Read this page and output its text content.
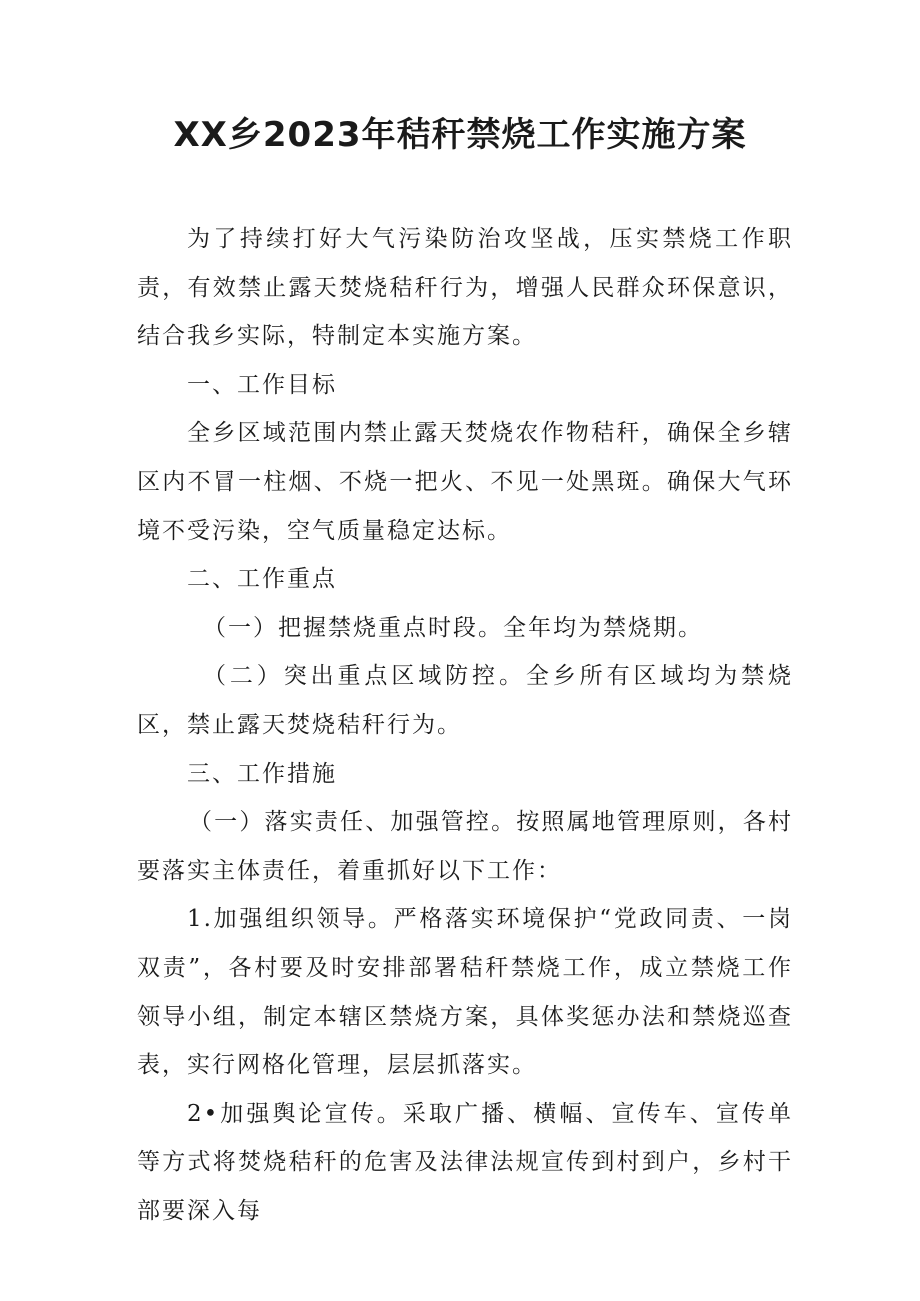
XX乡2023年秸秆禁烧工作实施方案

为了持续打好大气污染防治攻坚战，压实禁烧工作职责，有效禁止露天焚烧秸秆行为，增强人民群众环保意识，结合我乡实际，特制定本实施方案。

一、工作目标

全乡区域范围内禁止露天焚烧农作物秸秆，确保全乡辖区内不冒一柱烟、不烧一把火、不见一处黑斑。确保大气环境不受污染，空气质量稳定达标。

二、工作重点

（一）把握禁烧重点时段。全年均为禁烧期。

（二）突出重点区域防控。全乡所有区域均为禁烧区，禁止露天焚烧秸秆行为。

三、工作措施

（一）落实责任、加强管控。按照属地管理原则，各村要落实主体责任，着重抓好以下工作：

1.加强组织领导。严格落实环境保护“党政同责、一岗双责”，各村要及时安排部署秸秆禁烧工作，成立禁烧工作领导小组，制定本辖区禁烧方案，具体奖惩办法和禁烧巡查表，实行网格化管理，层层抓落实。

2•加强舆论宣传。采取广播、横幅、宣传车、宣传单等方式将焚烧秸秆的危害及法律法规宣传到村到户，乡村干部要深入每
